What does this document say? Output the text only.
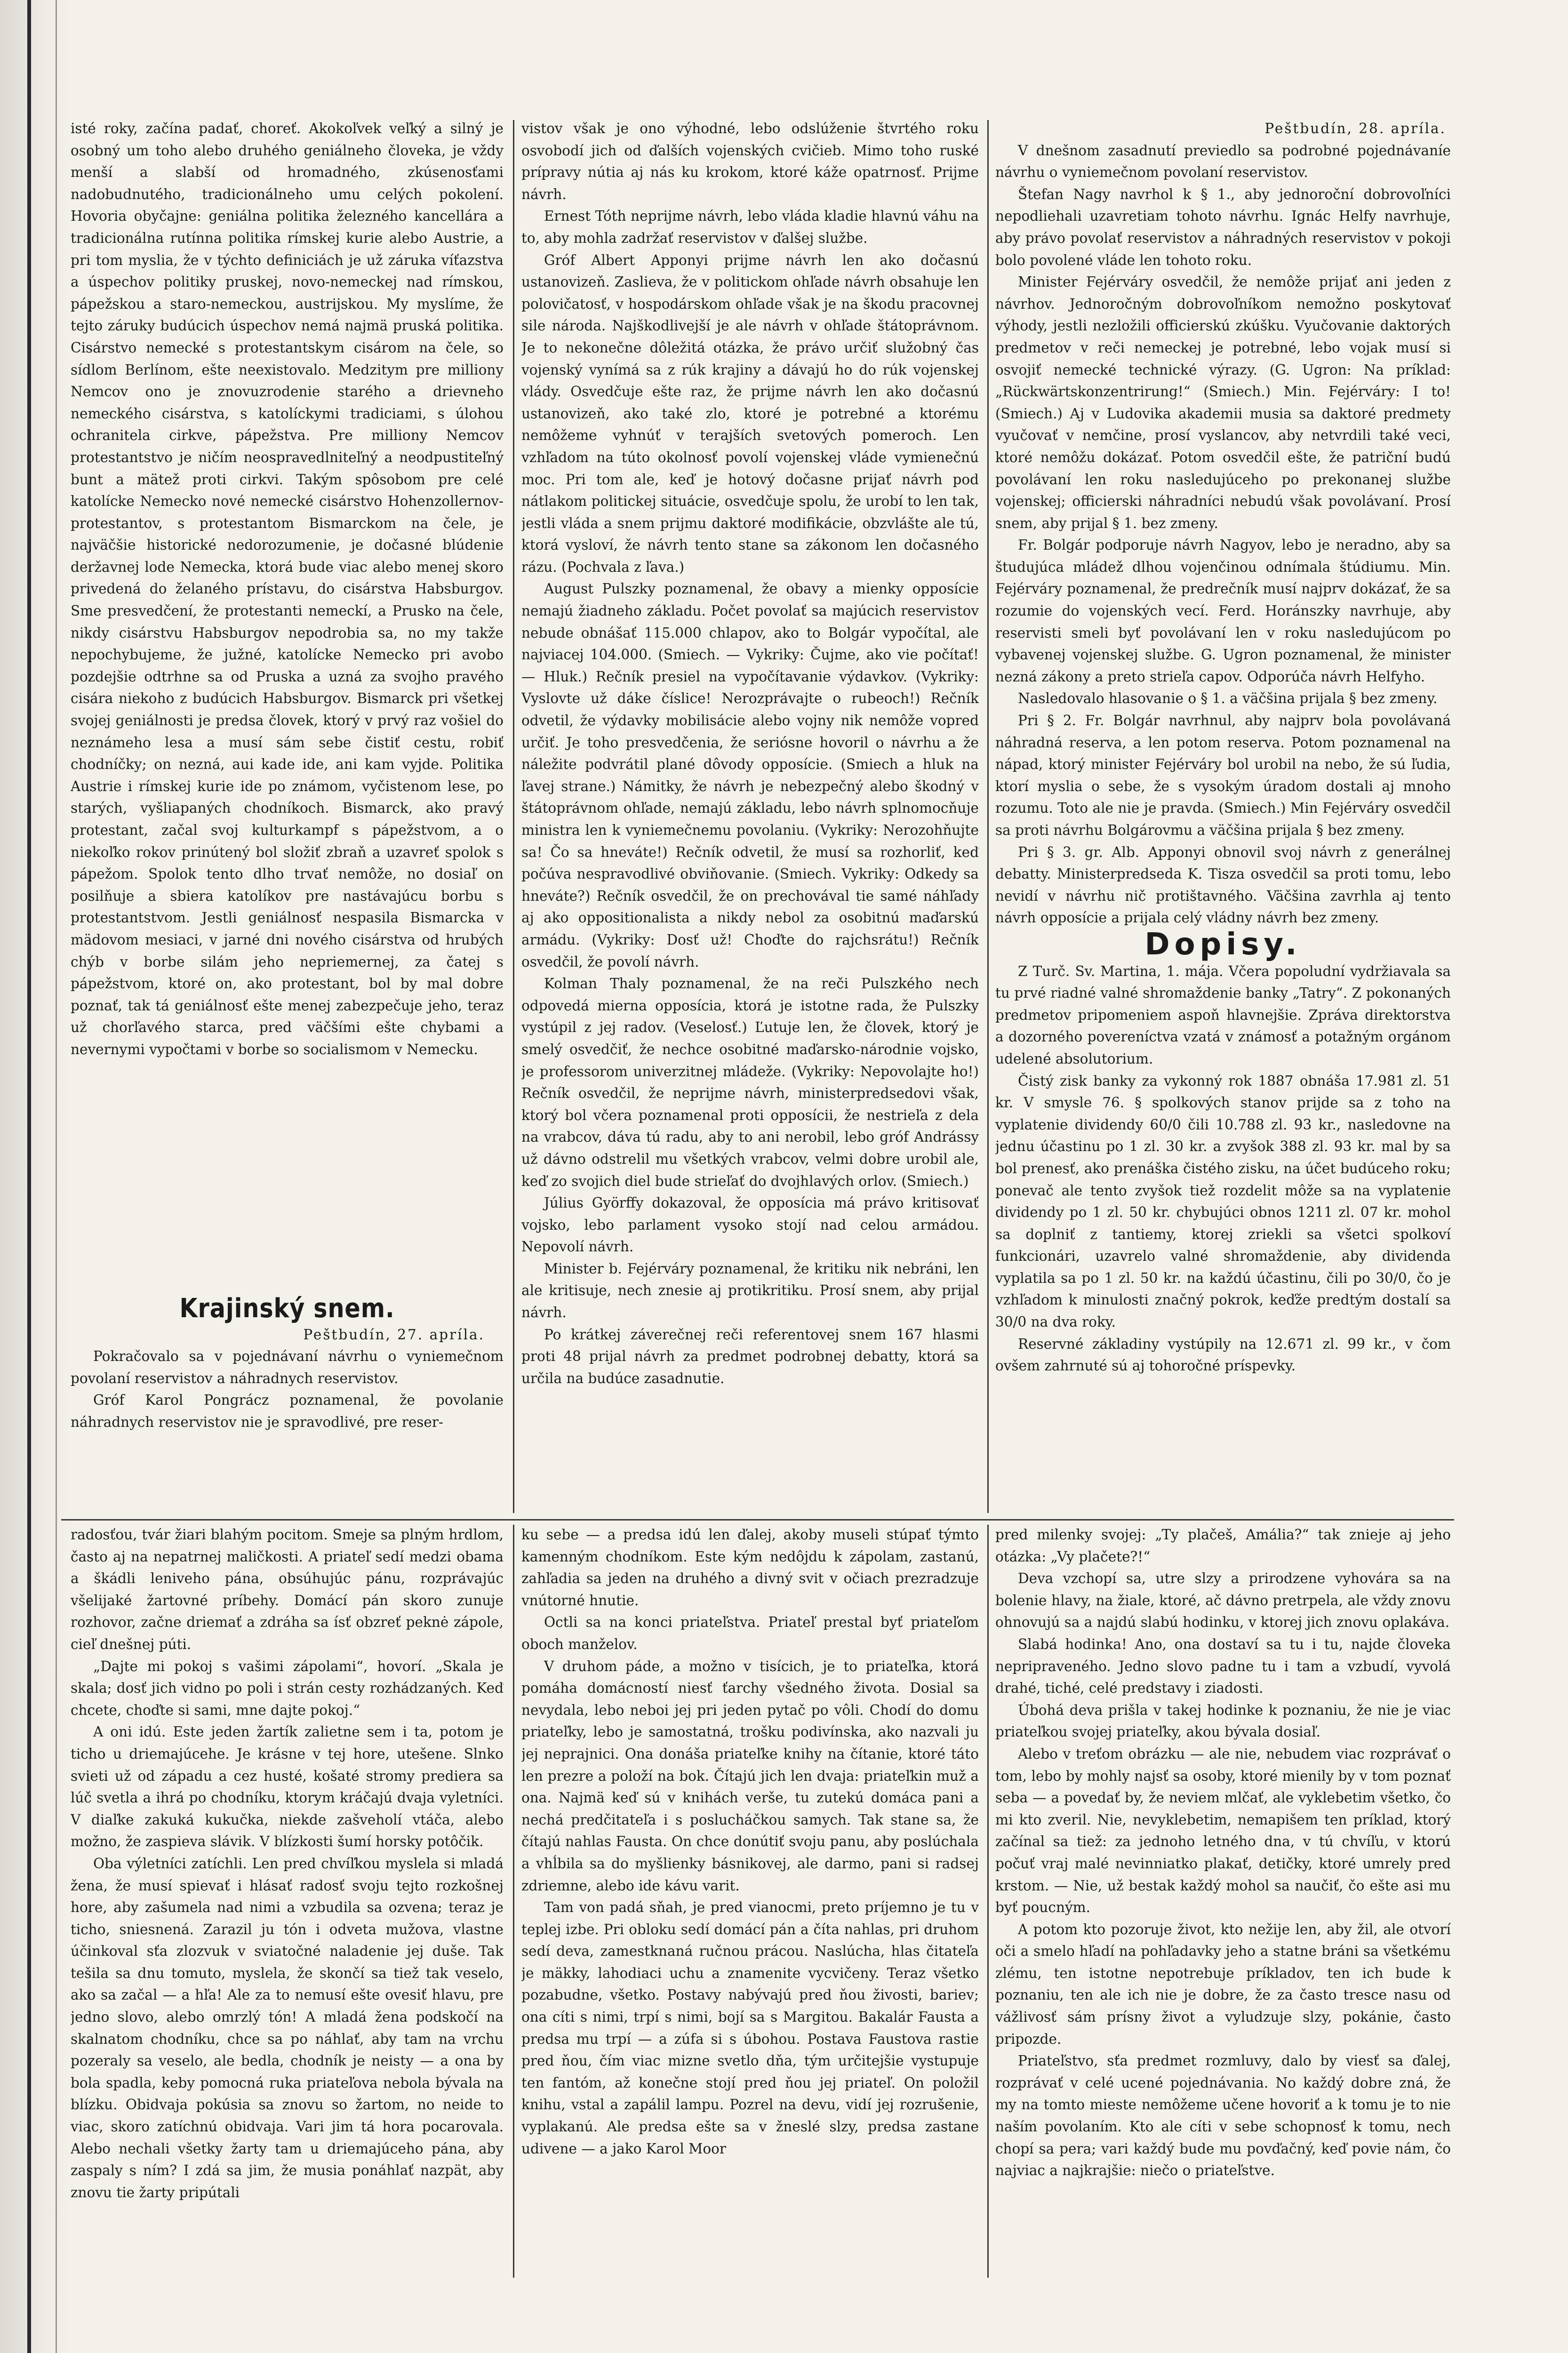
isté roky, začína padať, choreť. Akokoľvek veľký a silný je osobný um toho alebo druhého geniálneho človeka, je vždy menší a slabší od hromadného, zkúsenosťami nadobudnutého, tradicionálneho umu celých pokolení. Hovoria obyčajne: geniálna politika železného kancellára a tradicionálna rutínna politika rímskej kurie alebo Austrie, a pri tom myslia, že v týchto definiciách je už záruka víťazstva a úspechov politiky pruskej, novo-nemeckej nad rímskou, pápežskou a staro-nemeckou, austrijskou. My myslíme, že tejto záruky budúcich úspechov nemá najmä pruská politika. Cisárstvo nemecké s protestantskym cisárom na čele, so sídlom Berlínom, ešte neexistovalo. Medzitym pre milliony Nemcov ono je znovuzrodenie starého a drievneho nemeckého cisárstva, s katolíckymi tradiciami, s úlohou ochranitela cirkve, pápežstva. Pre milliony Nemcov protestantstvo je ničím neospravedlniteľný a neodpustiteľný bunt a mätež proti cirkvi. Takým spôsobom pre celé katolícke Nemecko nové nemecké cisárstvo Hohenzollernov-protestantov, s protestantom Bismarckom na čele, je najväčšie historické nedorozumenie, je dočasné blúdenie deržavnej lode Nemecka, ktorá bude viac alebo menej skoro privedená do želaného prístavu, do cisárstva Habsburgov. Sme presvedčení, že protestanti nemeckí, a Prusko na čele, nikdy cisárstvu Habsburgov nepodrobia sa, no my takže nepochybujeme, že južné, katolícke Nemecko pri avobo pozdejšie odtrhne sa od Pruska a uzná za svojho pravého cisára niekoho z budúcich Habsburgov. Bismarck pri všetkej svojej geniálnosti je predsa človek, ktorý v prvý raz vošiel do neznámeho lesa a musí sám sebe čistiť cestu, robiť chodníčky; on nezná, aui kade ide, ani kam vyjde. Politika Austrie i rímskej kurie ide po známom, vyčistenom lese, po starých, vyšliapaných chodníkoch. Bismarck, ako pravý protestant, začal svoj kulturkampf s pápežstvom, a o niekoľko rokov prinútený bol složiť zbraň a uzavreť spolok s pápežom. Spolok tento dlho trvať nemôže, no dosiaľ on posilňuje a sbiera katolíkov pre nastávajúcu borbu s protestantstvom. Jestli geniálnosť nespasila Bismarcka v mädovom mesiaci, v jarné dni nového cisárstva od hrubých chýb v borbe silám jeho nepriemernej, za čatej s pápežstvom, ktoré on, ako protestant, bol by mal dobre poznať, tak tá geniálnosť ešte menej zabezpečuje jeho, teraz už chorľavého starca, pred väčšími ešte chybami a nevernymi vypočtami v borbe so socialismom v Nemecku.

Krajinský snem.
Peštbudín, 27. apríla.

Pokračovalo sa v pojednávaní návrhu o vyniemečnom povolaní reservistov a náhradnych reservistov.

Gróf Karol Pongrácz poznamenal, že povolanie náhradnych reservistov nie je spravodlivé, pre reser-

vistov však je ono výhodné, lebo odslúženie štvrtého roku osvobodí jich od ďalších vojenských cvičieb. Mimo toho ruské prípravy nútia aj nás ku krokom, ktoré káže opatrnosť. Prijme návrh.

Ernest Tóth neprijme návrh, lebo vláda kladie hlavnú váhu na to, aby mohla zadržať reservistov v ďalšej službe.

Gróf Albert Apponyi prijme návrh len ako dočasnú ustanovizeň. Zaslieva, že v politickom ohľade návrh obsahuje len polovičatosť, v hospodárskom ohľade však je na škodu pracovnej sile národa. Najškodlivejší je ale návrh v ohľade štátoprávnom. Je to nekonečne dôležitá otázka, že právo určiť služobný čas vojenský vynímá sa z rúk krajiny a dávajú ho do rúk vojenskej vlády. Osvedčuje ešte raz, že prijme návrh len ako dočasnú ustanovizeň, ako také zlo, ktoré je potrebné a ktorému nemôžeme vyhnúť v terajších svetových pomeroch. Len vzhľadom na túto okolnosť povolí vojenskej vláde vymienečnú moc. Pri tom ale, keď je hotový dočasne prijať návrh pod nátlakom politickej situácie, osvedčuje spolu, že urobí to len tak, jestli vláda a snem prijmu daktoré modifikácie, obzvlášte ale tú, ktorá vysloví, že návrh tento stane sa zákonom len dočasného rázu. (Pochvala z ľava.)

August Pulszky poznamenal, že obavy a mienky opposície nemajú žiadneho základu. Počet povolať sa majúcich reservistov nebude obnášať 115.000 chlapov, ako to Bolgár vypočítal, ale najviacej 104.000. (Smiech. — Vykriky: Čujme, ako vie počítať! — Hluk.) Rečník presiel na vypočítavanie výdavkov. (Vykriky: Vyslovte už dáke čísliсе! Nerozprávajte o rubeoch!) Rečník odvetil, že výdavky mobilisácie alebo vojny nik nemôže vopred určiť. Je toho presvedčenia, že seriósne hovoril o návrhu a že náležite podvrátil plané dôvody opposície. (Smiech a hluk na ľavej strane.) Námitky, že návrh je nebezpečný alebo škodný v štátoprávnom ohľade, nemajú základu, lebo návrh splnomocňuje ministra len k vyniemečnemu povolaniu. (Vykriky: Nerozohňujte sa! Čo sa hneváte!) Rečník odvetil, že musí sa rozhorliť, keď počúva nespravodlivé obviňovanie. (Smiech. Vykriky: Odkedy sa hneváte?) Rečník osvedčil, že on prechovával tie samé náhľady aj ako oppositionalista a nikdy nebol za osobitnú maďarskú armádu. (Vykriky: Dosť už! Choďte do rajchsrátu!) Rečník osvedčil, že povolí návrh.

Kolman Thaly poznamenal, že na reči Pulszkého nech odpovedá mierna opposícia, ktorá je istotne rada, že Pulszky vystúpil z jej radov. (Veselosť.) Ľutuje len, že človek, ktorý je smelý osvedčiť, že nechce osobitné maďarsko-národnie vojsko, je professorom univerzitnej mládeže. (Vykriky: Nepovolajte ho!) Rečník osvedčil, že neprijme návrh, ministerpredsedovi však, ktorý bol včera poznamenal proti opposícii, že nestrieľa z dela na vrabcov, dáva tú radu, aby to ani nerobil, lebo gróf Andrássy už dávno odstrelil mu všetkých vrabcov, velmi dobre urobil ale, keď zo svojich diel bude strieľať do dvojhlavých orlov. (Smiech.)

Július Györffy dokazoval, že opposícia má právo kritisovať vojsko, lebo parlament vysoko stojí nad celou armádou. Nepovolí návrh.

Minister b. Fejérváry poznamenal, že kritiku nik nebráni, len ale kritisuje, nech znesie aj protikritiku. Prosí snem, aby prijal návrh.

Po krátkej záverečnej reči referentovej snem 167 hlasmi proti 48 prijal návrh za predmet podrobnej debatty, ktorá sa určila na budúce zasadnutie.

Peštbudín, 28. apríla.

V dnešnom zasadnutí previedlo sa podrobné pojednávaníe návrhu o vyniemečnom povolaní reservistov.

Štefan Nagy navrhol k § 1., aby jednoroční dobrovoľníci nepodliehali uzavretiam tohoto návrhu. Ignác Helfy navrhuje, aby právo povolať reservistov a náhradných reservistov v pokoji bolo povolené vláde len tohoto roku.

Minister Fejérváry osvedčil, že nemôže prijať ani jeden z návrhov. Jednoročným dobrovoľníkom nemožno poskytovať výhody, jestli nezložili officierskú zkúšku. Vyučovanie daktorých predmetov v reči nemeckej je potrebné, lebo vojak musí si osvojiť nemecké technické výrazy. (G. Ugron: Na príklad: „Rückwärtskonzentrirung!“ (Smiech.) Min. Fejérváry: I to! (Smiech.) Aj v Ludovika akademii musia sa daktoré predmety vyučovať v nemčine, prosí vyslancov, aby netvrdili také veci, ktoré nemôžu dokázať. Potom osvedčil ešte, že patriční budú povolávaní len roku nasledujúceho po prekonanej službe vojenskej; officierski náhradníci nebudú však povolávaní. Prosí snem, aby prijal § 1. bez zmeny.

Fr. Bolgár podporuje návrh Nagyov, lebo je neradno, aby sa študujúca mládež dlhou vojenčinou odnímala štúdiumu. Min. Fejérváry poznamenal, že predrečník musí najprv dokázať, že sa rozumie do vojenských vecí. Ferd. Horánszky navrhuje, aby reservisti smeli byť povolávaní len v roku nasledujúcom po vybavenej vojenskej službe. G. Ugron poznamenal, že minister nezná zákony a preto strieľa capov. Odporúča návrh Helfyho.

Nasledovalo hlasovanie o § 1. a väčšina prijala § bez zmeny.

Pri § 2. Fr. Bolgár navrhnul, aby najprv bola povolávaná náhradná reserva, a len potom reserva. Potom poznamenal na nápad, ktorý minister Fejérváry bol urobil na nebo, že sú ľudia, ktorí myslia o sebe, že s vysokým úradom dostali aj mnoho rozumu. Toto ale nie je pravda. (Smiech.) Min Fejérváry osvedčil sa proti návrhu Bolgárovmu a väčšina prijala § bez zmeny.

Pri § 3. gr. Alb. Apponyi obnovil svoj návrh z generálnej debatty. Ministerpredseda K. Tisza osvedčil sa proti tomu, lebo nevidí v návrhu nič protištavného. Väčšina zavrhla aj tento návrh opposície a prijala celý vládny návrh bez zmeny.

Dopisy.

Z Turč. Sv. Martina, 1. mája. Včera popoludní vydržiavala sa tu prvé riadné valné shromaždenie banky „Tatry“. Z pokonaných predmetov pripomeniem aspoň hlavnejšie. Zpráva direktorstva a dozorného povereníctva vzatá v známosť a potažným orgánom udelené absolutorium.

Čistý zisk banky za vykonný rok 1887 obnáša 17.981 zl. 51 kr. V smysle 76. § spolkových stanov prijde sa z toho na vyplatenie dividendy 60/0 čili 10.788 zl. 93 kr., nasledovne na jednu účastinu po 1 zl. 30 kr. a zvyšok 388 zl. 93 kr. mal by sa bol prenesť, ako prenáška čistého zisku, na účet budúceho roku; ponevač ale tento zvyšok tiež rozdelit môže sa na vyplatenie dividendy po 1 zl. 50 kr. chybujúci obnos 1211 zl. 07 kr. mohol sa doplniť z tantiemy, ktorej zriekli sa všetci spolkoví funkcionári, uzavrelo valné shromaždenie, aby dividenda vyplatila sa po 1 zl. 50 kr. na každú účastinu, čili po 30/0, čo je vzhľadom k minulosti značný pokrok, keďže predtým dostalí sa 30/0 na dva roky.

Reservné základiny vystúpily na 12.671 zl. 99 kr., v čom ovšem zahrnuté sú aj tohoročné príspevky.

radosťou, tvár žiari blahým pocitom. Smeje sa plným hrdlom, často aj na nepatrnej maličkosti. A priateľ sedí medzi obama a škádli leniveho pána, obsúhujúc pánu, rozprávajúc všelijaké žartovné príbehy. Domácí pán skoro zunuje rozhovor, začne driemať a zdráha sa ísť obzreť peknė zápole, cieľ dnešnej púti.

„Dajte mi pokoj s vašimi zápolami“, hovorí. „Skala je skala; dosť jich vidno po poli i strán cesty rozhádzaných. Keď chcete, choďte si sami, mne dajte pokoj.“

A oni idú. Este jeden žartík zalietne sem i ta, potom je ticho u driemajúcehe. Je krásne v tej hore, utešene. Slnko svieti už od západu a cez husté, košaté stromy prediera sa lúč svetla a ihrá po chodníku, ktorym kráčajú dvaja vyletníci. V diaľke zakuká kukučka, niekde zašveholí vtáčа, alebo možno, že zaspieva slávik. V blízkosti šumí horsky potôčik.

Oba výletníci zatíchli. Len pred chvíľkou myslela si mladá žena, že musí spievať i hlásať radosť svoju tejto rozkošnej hore, aby zašumela nad nimi a vzbudila sa ozvena; teraz je ticho, sniesnená. Zarazil ju tón i odveta mužova, vlastne účinkoval sťa zlozvuk v sviatočné naladenie jej duše. Tak tešila sa dnu tomuto, myslela, že skončí sa tiež tak veselo, ako sa začal — a hľa! Ale za to nemusí ešte ovesiť hlavu, pre jedno slovo, alebo omrzlý tón! A mladá žena podskočí na skalnatom chodníku, chce sa po náhlať, aby tam na vrchu pozeraly sa veselo, ale bedla, chodník je neisty — a ona by bola spadla, keby pomocná ruka priateľova nebola bývala na blízku. Obidvaja pokúsia sa znovu so žartom, no neide to viac, skoro zatíchnú obidvaja. Vari jim tá hora pocarovala. Alebo nechali všetky žarty tam u driemajúceho pána, aby zaspaly s ním? I zdá sa jim, že musia ponáhlať nazpät, aby znovu tie žarty pripútali

ku sebe — a predsa idú len ďalej, akoby museli stúpať týmto kamenným chodníkom. Este kým nedôjdu k zápolam, zastanú, zahľadia sa jeden na druhého a divný svit v očiach prezradzuje vnútorné hnutie.

Octli sa na konci priateľstva. Priateľ prestal byť priateľom obоch manželov.

V druhom páde, a možno v tisícich, je to priateľka, ktorá pomáha domácností niesť ťarchy všedného života. Dosial sa nevydala, lebo neboi jej pri jeden pytač po vôli. Chodí do domu priateľky, lebo je samostatná, trošku podivínska, ako nazvali ju jej neprajnici. Ona donáša priateľke knihy na čítanie, ktoré táto len prezre a položí na bok. Čítajú jich len dvaja: priateľkin muž a ona. Najmä keď sú v knihách verše, tu zutekú domáca pani a nechá predčitateľa i s poslucháčkou samych. Tak stane sa, že čítajú nahlas Fausta. On chce donútiť svoju panu, aby poslúchala a vhĺbila sa do myšlienky básnikovej, ale darmo, pani si radsej zdriemne, alebo ide kávu varit.

Tam von padá sňah, je pred vianocmi, preto príjemno je tu v teplej izbe. Pri obloku sedí domácí pán a číta nahlas, pri druhom sedí deva, zamestknaná ručnou prácou. Naslúcha, hlas čitateľa je mäkky, lahodiaci uchu a znamenite vycvičeny. Teraz všetko pozabudne, všetko. Postavy nabývajú pred ňou živosti, bariev; ona cíti s nimi, trpí s nimi, bojí sa s Margitou. Bakalár Fausta a predsa mu trpí — a zúfa si s úbohou. Postava Faustova rastie pred ňou, čím viac mizne svetlo dňa, tým určitejšie vystupuje ten fantóm, až konečne stojí pred ňou jej priateľ. On položil knihu, vstal a zapálil lampu. Pozrel na devu, vidí jej rozrušenie, vyplakanú. Ale predsa ešte sa v žneslé slzy, predsa zastane udivene — a jako Karol Moor

pred milenky svojej: „Ty plačeš, Amália?“ tak znieje aj jeho otázka: „Vy plačete?!“

Deva vzchopí sa, utre slzy a prirodzene vyhovára sa na bolenie hlavy, na žiale, ktoré, ač dávno pretrpela, ale vždy znovu ohnovujú sa a najdú slabú hodinku, v ktorej jich znovu oplakáva.

Slabá hodinka! Ano, ona dostaví sa tu i tu, najde človeka nepripraveného. Jedno slovo padne tu i tam a vzbudí, vyvolá drahé, tiché, celé predstavy i ziadosti.

Úbohá deva prišla v takej hodinke k poznaniu, že nie je viac priateľkou svojej priateľky, akou bývala dosiaľ.

Alebo v treťom obrázku — ale nie, nebudem viac rozprávať o tom, lebo by mohly najsť sa osoby, ktoré mienily by v tom poznať seba — a povedať by, že neviem mlčať, ale vyklebetim všetko, čo mi kto zveril. Nie, nevyklebetim, nemapišem ten príklad, ktorý začínal sa tiež: za jednoho letného dna, v tú chvíľu, v ktorú počuť vraj malé nevinniatko plakať, detičky, ktoré umrely pred krstom. — Nie, už bestak každý mohol sa naučiť, čo ešte asi mu byť poucným.

A potom kto pozoruje život, kto nežije len, aby žil, ale otvorí oči a smelo hľadí na pohľadavky jeho a statne bráni sa všetkému zlému, ten istotne nepotrebuje príkladov, ten ich bude k poznaniu, ten ale ich nie je dobre, že za často tresce nasu od vážlivosť sám prísny život a vyludzuje slzy, pokánie, často pripozde.

Priateľstvo, sťa predmet rozmluvy, dalo by viesť sa ďalej, rozprávať v celé ucené pojednávania. No každý dobre zná, že my na tomto mieste nemôžeme učene hovoriť a k tomu je to nie naším povolaním. Kto ale cíti v sebe schopnosť k tomu, nech chopí sa pera; vari každý bude mu povďačný, keď povie nám, čo najviac a najkrajšie: niečo o priateľstve.
